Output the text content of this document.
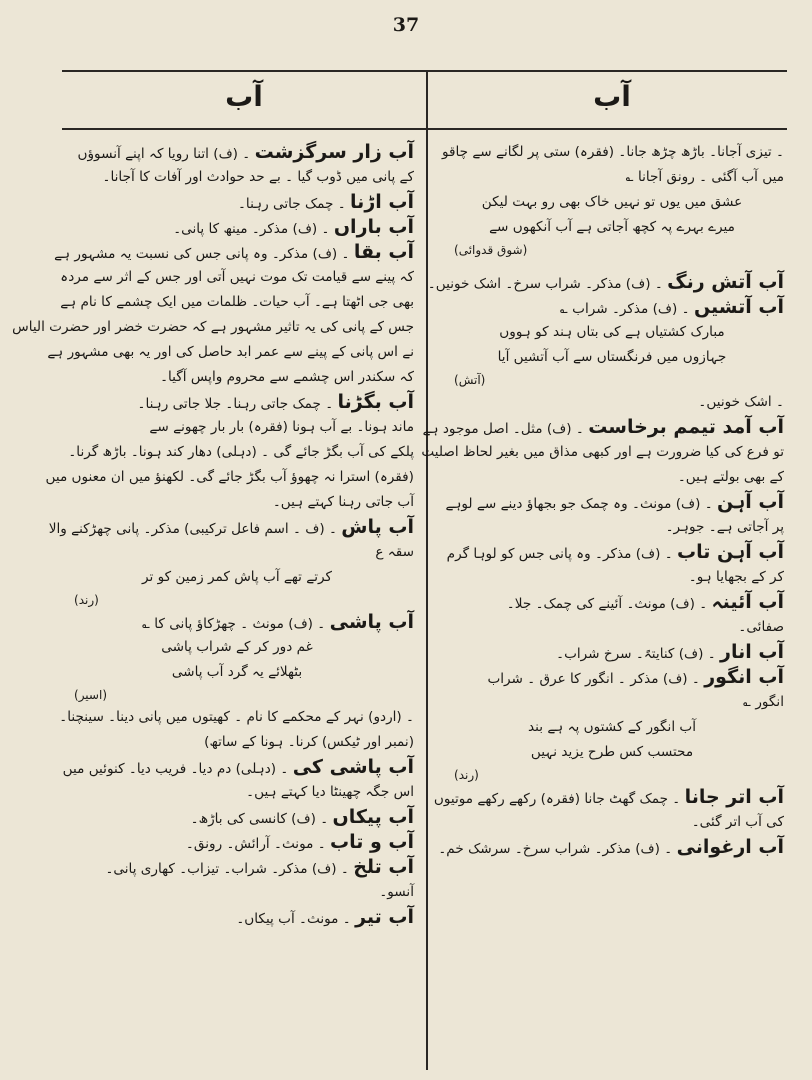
37
آب
آب
۔ تیزی آجانا۔ باڑھ چڑھ جانا۔ (فقرہ) ستی پر لگانے سے چاقو
میں آب آگئی ۔ رونق آجانا ؎
عشق میں یوں تو نہیں خاک بھی رو بہت لیکن
میرے بہرے پہ کچھ آجاتی ہے آب آنکھوں سے
(شوق قدوائی)
آب آتش رنگ ۔ (ف) مذکر۔ شراب سرخ۔ اشک خونیں۔
آب آتشیں ۔ (ف) مذکر۔ شراب ؎
مبارک کشتیاں ہے کی بتاں ہند کو ہووں
جہازوں میں فرنگستاں سے آب آتشیں آیا
(آتش)
۔ اشک خونیں۔
آب آمد تیمم برخاست ۔ (ف) مثل۔ اصل موجود ہے
تو فرع کی کیا ضرورت ہے اور کبھی مذاق میں بغیر لحاظ اصلیت
کے بھی بولتے ہیں۔
آب آہن ۔ (ف) مونث۔ وہ چمک جو بجھاؤ دینے سے لوہے
پر آجاتی ہے۔ جوہر۔
آب آہن تاب ۔ (ف) مذکر۔ وہ پانی جس کو لوہا گرم
کر کے بجھایا ہو۔
آب آئینہ ۔ (ف) مونث۔ آئینے کی چمک۔ جلا۔
صفائی۔
آب انار ۔ (ف) کنایتہً۔ سرخ شراب۔
آب انگور ۔ (ف) مذکر ۔ انگور کا عرق ۔ شراب
انگور ؎
آب انگور کے کشتوں پہ ہے بند
محتسب کس طرح یزید نہیں
(رند)
آب اتر جانا ۔ چمک گھٹ جانا (فقرہ) رکھے رکھے موتیوں
کی آب اتر گئی۔
آب ارغوانی ۔ (ف) مذکر۔ شراب سرخ۔ سرشک خم۔
آب زار سرگزشت ۔ (ف) اتنا رویا کہ اپنے آنسوؤں
کے پانی میں ڈوب گیا ۔ بے حد حوادث اور آفات کا آجانا۔
آب اڑنا ۔ چمک جاتی رہنا۔
آب باراں ۔ (ف) مذکر۔ مینھ کا پانی۔
آب بقا ۔ (ف) مذکر۔ وہ پانی جس کی نسبت یہ مشہور ہے
کہ پینے سے قیامت تک موت نہیں آتی اور جس کے اثر سے مردہ
بھی جی اٹھتا ہے۔ آب حیات۔ ظلمات میں ایک چشمے کا نام ہے
جس کے پانی کی یہ تاثیر مشہور ہے کہ حضرت خضر اور حضرت الیاس
نے اس پانی کے پینے سے عمر ابد حاصل کی اور یہ بھی مشہور ہے
کہ سکندر اس چشمے سے محروم واپس آگیا۔
آب بگڑنا ۔ چمک جاتی رہنا۔ جلا جاتی رہنا۔
ماند ہونا۔ بے آب ہونا (فقرہ) بار بار چھونے سے
پلکے کی آب بگڑ جائے گی ۔ (دہلی) دھار کند ہونا۔ باڑھ گرنا۔
(فقرہ) استرا نہ چھوؤ آب بگڑ جائے گی۔ لکھنؤ میں ان معنوں میں
آب جاتی رہنا کہتے ہیں۔
آب پاش ۔ (ف ۔ اسم فاعل ترکیبی) مذکر۔ پانی چھڑکنے والا
سقہ ع
کرتے تھے آب پاش کمر زمین کو تر
(رند)
آب پاشی ۔ (ف) مونث ۔ چھڑکاؤ پانی کا ؎
غم دور کر کے شراب پاشی
بٹھلائے یہ گرد آب پاشی
(اسیر)
۔ (اردو) نہر کے محکمے کا نام ۔ کھیتوں میں پانی دینا۔ سینچنا۔
(نمبر اور ٹیکس) کرنا۔ ہونا کے ساتھ)
آب پاشی کی ۔ (دہلی) دم دیا۔ فریب دیا۔ کنوئیں میں
اس جگہ چھینٹا دیا کہتے ہیں۔
آب پیکاں ۔ (ف) کانسی کی باڑھ۔
آب و تاب ۔ مونث۔ آرائش۔ رونق۔
آب تلخ ۔ (ف) مذکر۔ شراب۔ تیزاب۔ کھاری پانی۔
آنسو۔
آب تیر ۔ مونث۔ آب پیکاں۔
